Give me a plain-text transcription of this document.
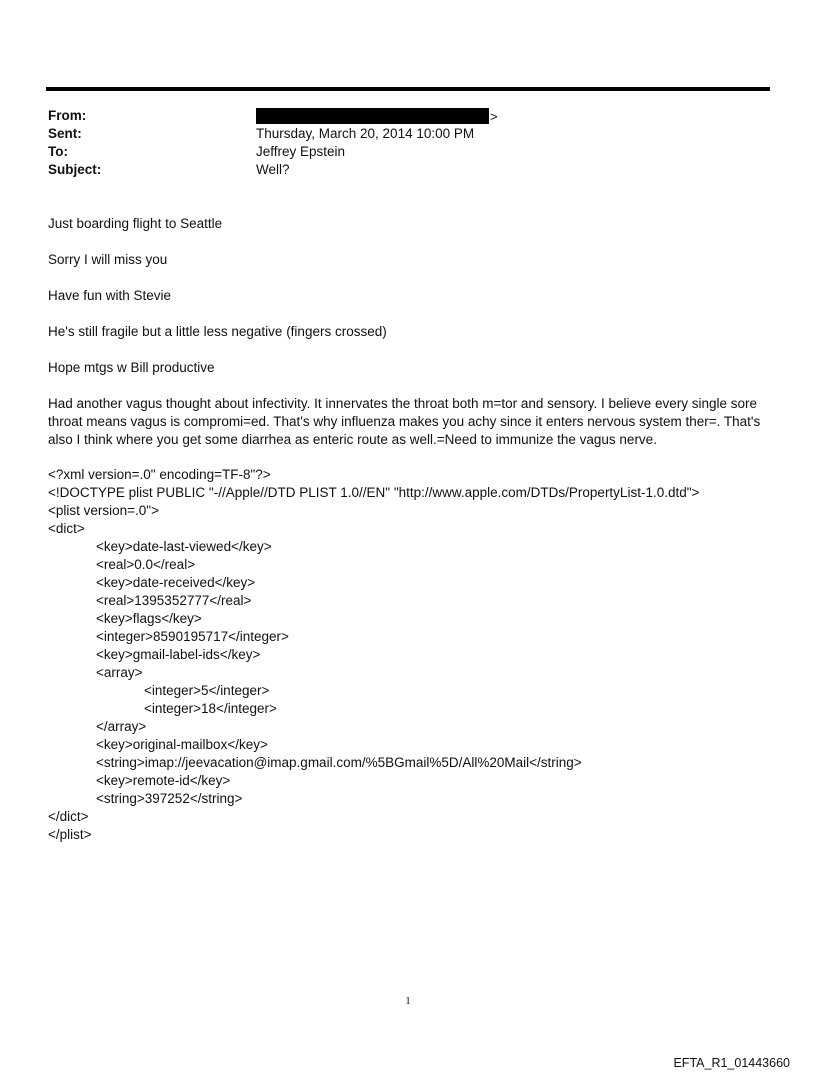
From:	>
Sent:	Thursday, March 20, 2014 10:00 PM
To:	Jeffrey Epstein
Subject:	Well?
Just boarding flight to Seattle
Sorry I will miss you
Have fun with Stevie
He's still fragile but a little less negative (fingers crossed)
Hope mtgs w Bill productive
Had another vagus thought about infectivity. It innervates the throat both m=tor and sensory. I believe every single sore throat means vagus is compromi=ed. That's why influenza makes you achy since it enters nervous system ther=. That's also I think where you get some diarrhea as enteric route as well.=Need to immunize the vagus nerve.
<?xml version=.0" encoding=TF-8"?>
<!DOCTYPE plist PUBLIC "-//Apple//DTD PLIST 1.0//EN" "http://www.apple.com/DTDs/PropertyList-1.0.dtd">
<plist version=.0">
<dict>
<key>date-last-viewed</key>
<real>0.0</real>
<key>date-received</key>
<real>1395352777</real>
<key>flags</key>
<integer>8590195717</integer>
<key>gmail-label-ids</key>
<array>
<integer>5</integer>
<integer>18</integer>
</array>
<key>original-mailbox</key>
<string>imap://jeevacation@imap.gmail.com/%5BGmail%5D/All%20Mail</string>
<key>remote-id</key>
<string>397252</string>
</dict>
</plist>
1
EFTA_R1_01443660
